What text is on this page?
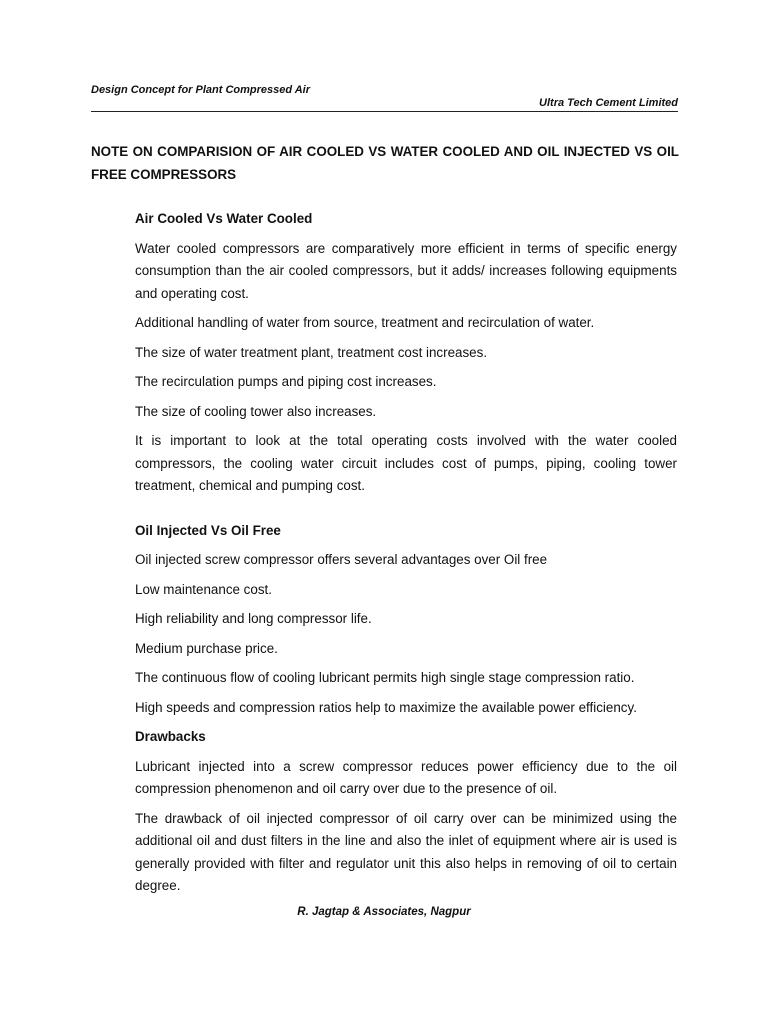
Design Concept for Plant Compressed Air
Ultra Tech Cement Limited
NOTE ON COMPARISION OF AIR COOLED VS WATER COOLED AND OIL INJECTED VS OIL FREE COMPRESSORS
Air Cooled Vs Water Cooled

Water cooled compressors are comparatively more efficient in terms of specific energy consumption than the air cooled compressors, but it adds/ increases following equipments and operating cost.

Additional handling of water from source, treatment and recirculation of water.

The size of water treatment plant, treatment cost increases.

The recirculation pumps and piping cost increases.

The size of cooling tower also increases.

It is important to look at the total operating costs involved with the water cooled compressors, the cooling water circuit includes cost of pumps, piping, cooling tower treatment, chemical and pumping cost.

Oil Injected Vs Oil Free

Oil injected screw compressor offers several advantages over Oil free

Low maintenance cost.

High reliability and long compressor life.

Medium purchase price.

The continuous flow of cooling lubricant permits high single stage compression ratio.

High speeds and compression ratios help to maximize the available power efficiency.

Drawbacks

Lubricant injected into a screw compressor reduces power efficiency due to the oil compression phenomenon and oil carry over due to the presence of oil.

The drawback of oil injected compressor of oil carry over can be minimized using the additional oil and dust filters in the line and also the inlet of equipment where air is used is generally provided with filter and regulator unit this also helps in removing of oil to certain degree.

R. Jagtap & Associates, Nagpur
